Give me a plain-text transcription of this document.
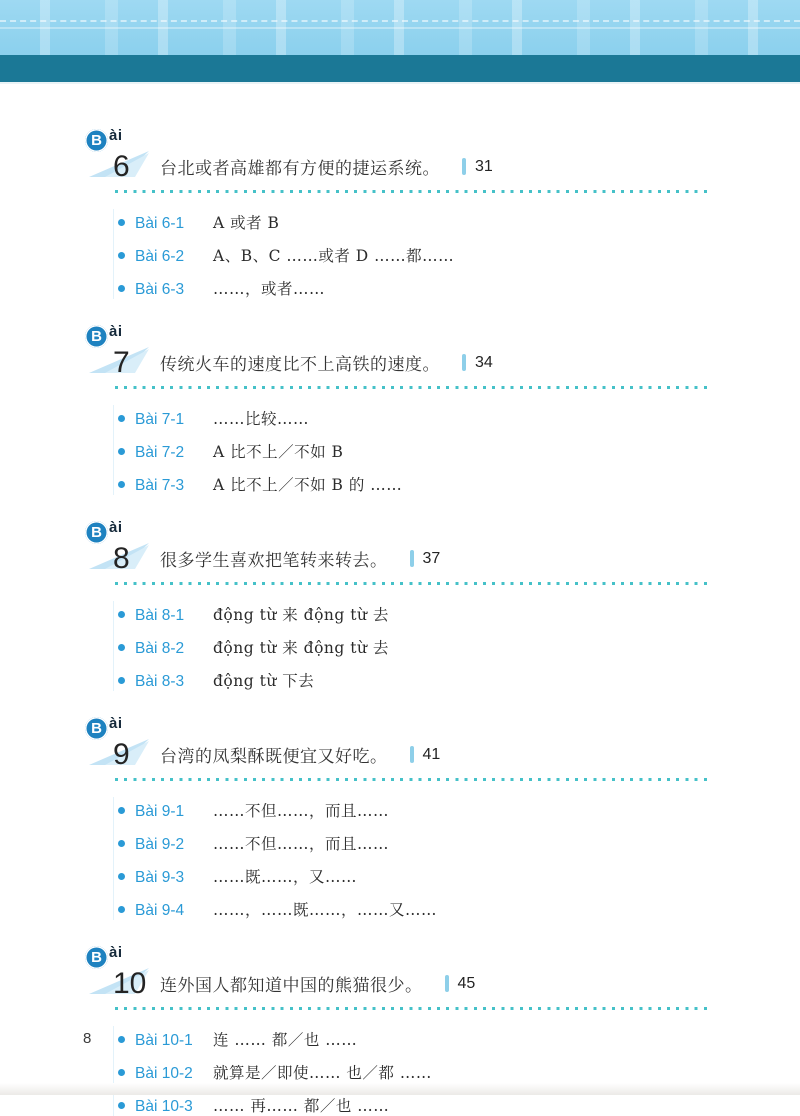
B ài
6	台北或者高雄都有方便的捷运系统。 31
Bài 6-1	A 或者 B
Bài 6-2	A、B、C ……或者 D ……都……
Bài 6-3	……，或者……
B ài
7	传统火车的速度比不上高铁的速度。 34
Bài 7-1	……比较……
Bài 7-2	A 比不上／不如 B
Bài 7-3	A 比不上／不如 B 的 ……
B ài
8	很多学生喜欢把笔转来转去。 37
Bài 8-1	động từ 来 động từ 去
Bài 8-2	động từ 来 động từ 去
Bài 8-3	động từ 下去
B ài
9	台湾的凤梨酥既便宜又好吃。 41
Bài 9-1	……不但……，而且……
Bài 9-2	……不但……，而且……
Bài 9-3	……既……，又……
Bài 9-4	……，……既……，……又……
B ài
10 连外国人都知道中国的熊猫很少。 45
Bài 10-1 连 …… 都／也 ……
Bài 10-2 就算是／即使…… 也／都 ……
Bài 10-3 …… 再…… 都／也 ……
8
